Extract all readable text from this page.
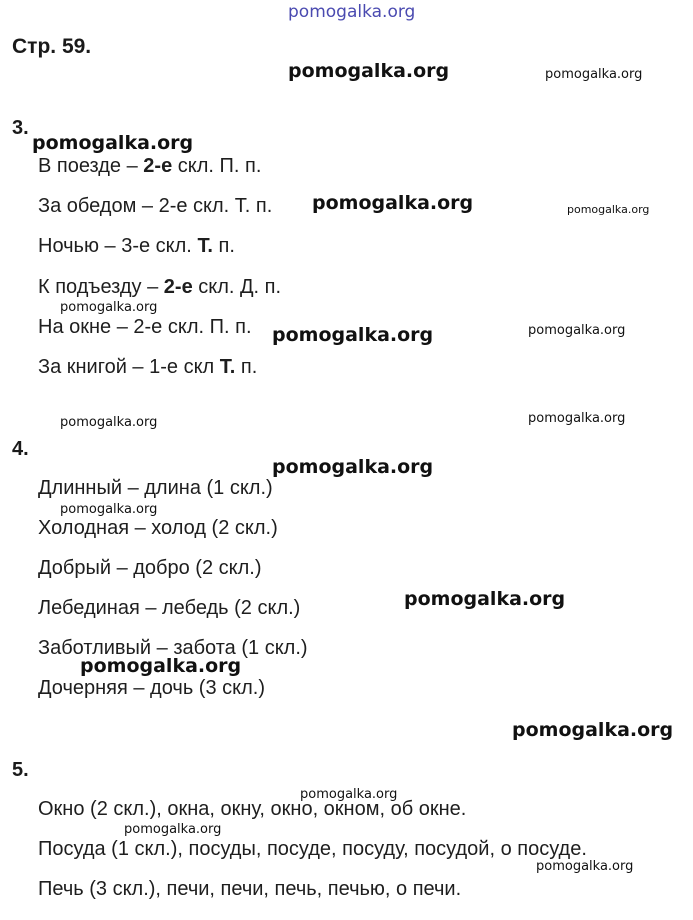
pomogalka.org
Стр. 59.
3.
В поезде – 2-е скл. П. п.
За обедом – 2-е скл. Т. п.
Ночью – 3-е скл. Т. п.
К подъезду – 2-е скл. Д. п.
На окне – 2-е скл. П. п.
За книгой – 1-е скл Т. п.
4.
Длинный – длина (1 скл.)
Холодная – холод (2 скл.)
Добрый – добро (2 скл.)
Лебединая – лебедь (2 скл.)
Заботливый – забота (1 скл.)
Дочерняя – дочь (3 скл.)
5.
Окно (2 скл.), окна, окну, окно, окном, об окне.
Посуда (1 скл.), посуды, посуде, посуду, посудой, о посуде.
Печь (3 скл.), печи, печи, печь, печью, о печи.
pomogalka.org	pomogalka.org
pomogalka.org
pomogalka.org	pomogalka.org
pomogalka.org
pomogalka.org	pomogalka.org
pomogalka.org	pomogalka.org
pomogalka.org
pomogalka.org
pomogalka.org
pomogalka.org
pomogalka.org
pomogalka.org
pomogalka.org
pomogalka.org
